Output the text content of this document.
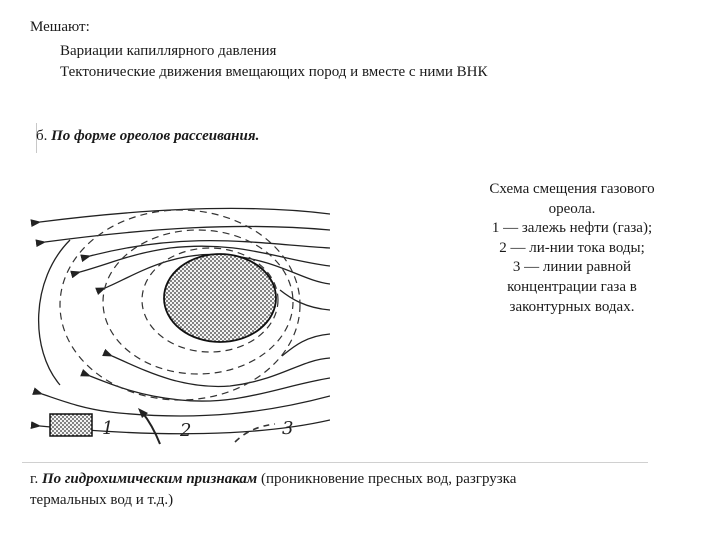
Мешают:
Вариации капиллярного давления
Тектонические движения вмещающих пород и вместе с ними ВНК
б. По форме ореолов рассеивания.
Схема смещения газового
ореола.
1 — залежь нефти (газа);
2 — ли-нии тока воды;
3 — линии равной
концентрации газа в
законтурных водах.
1	2	3
г. По гидрохимическим признакам (проникновение пресных вод, разгрузка
термальных вод и т.д.)
